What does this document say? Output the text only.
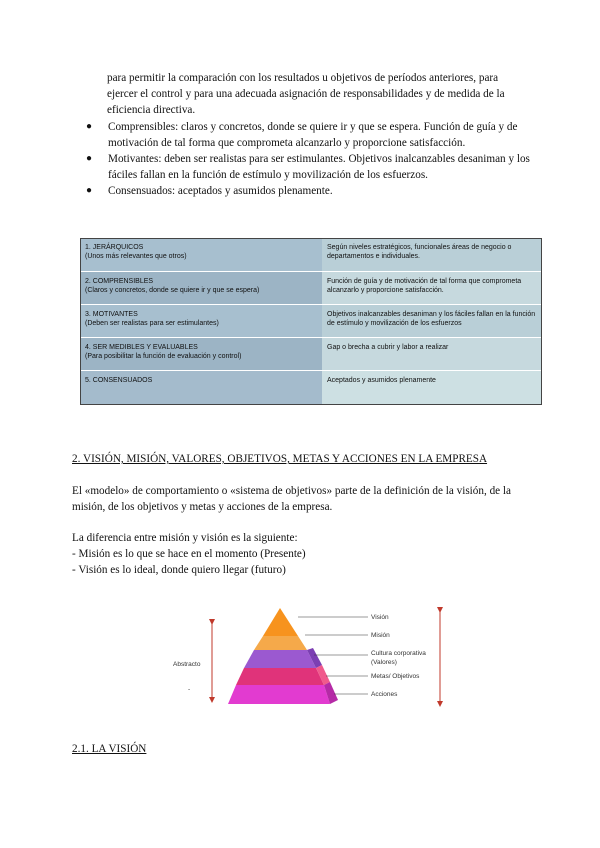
para permitir la comparación con los resultados u objetivos de períodos anteriores, para ejercer el control y para una adecuada asignación de responsabilidades y de medida de la eficiencia directiva.
● Comprensibles: claros y concretos, donde se quiere ir y que se espera. Función de guía y de motivación de tal forma que comprometa alcanzarlo y proporcione satisfacción.
● Motivantes: deben ser realistas para ser estimulantes. Objetivos inalcanzables desaniman y los fáciles fallan en la función de estímulo y movilización de los esfuerzos.
● Consensuados: aceptados y asumidos plenamente.
1. JERÁRQUICOS
(Unos más relevantes que otros)	Según niveles estratégicos, funcionales áreas de negocio o departamentos e individuales.
2. COMPRENSIBLES
(Claros y concretos, donde se quiere ir y que se espera)	Función de guía y de motivación de tal forma que comprometa alcanzarlo y proporcione satisfacción.
3. MOTIVANTES
(Deben ser realistas para ser estimulantes)	Objetivos inalcanzables desaniman y los fáciles fallan en la función de estímulo y movilización de los esfuerzos
4. SER MEDIBLES Y EVALUABLES
(Para posibilitar la función de evaluación y control)	Gap o brecha a cubrir y labor a realizar
5. CONSENSUADOS	Aceptados y asumidos plenamente
2. VISIÓN, MISIÓN, VALORES, OBJETIVOS, METAS Y ACCIONES EN LA EMPRESA
El «modelo» de comportamiento o «sistema de objetivos» parte de la definición de la visión, de la misión, de los objetivos y metas y acciones de la empresa.
La diferencia entre misión y visión es la siguiente:
- Misión es lo que se hace en el momento (Presente)
- Visión es lo ideal, donde quiero llegar (futuro)
Abstracto
-
Visión
Misión
Cultura corporativa
(Valores)
Metas/ Objetivos
Acciones
2.1. LA VISIÓN
